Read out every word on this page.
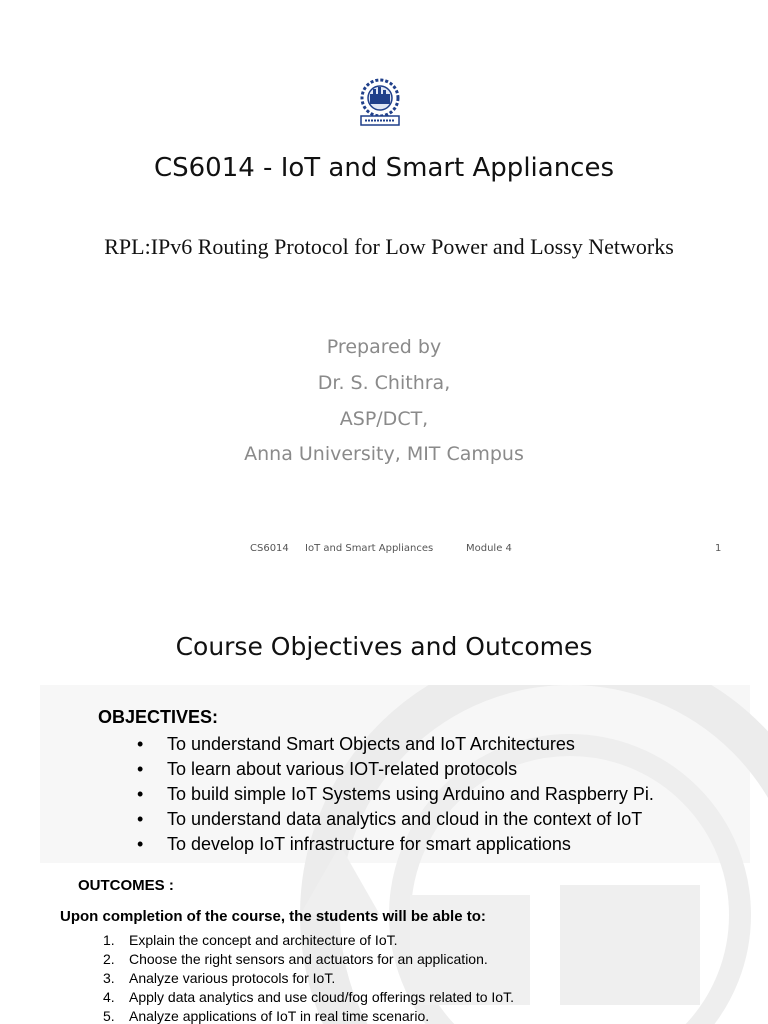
CS6014 - IoT and Smart Appliances
RPL:IPv6 Routing Protocol for Low Power and Lossy Networks
Prepared by
Dr. S. Chithra,
ASP/DCT,
Anna University, MIT Campus
CS6014 IoT and Smart Appliances	Module 4	1
Course Objectives and Outcomes
OBJECTIVES:
• To understand Smart Objects and IoT Architectures
• To learn about various IOT-related protocols
• To build simple IoT Systems using Arduino and Raspberry Pi.
• To understand data analytics and cloud in the context of IoT
• To develop IoT infrastructure for smart applications
OUTCOMES :
Upon completion of the course, the students will be able to:
1. Explain the concept and architecture of IoT.
2. Choose the right sensors and actuators for an application.
3. Analyze various protocols for IoT.
4. Apply data analytics and use cloud/fog offerings related to IoT.
5. Analyze applications of IoT in real time scenario.
